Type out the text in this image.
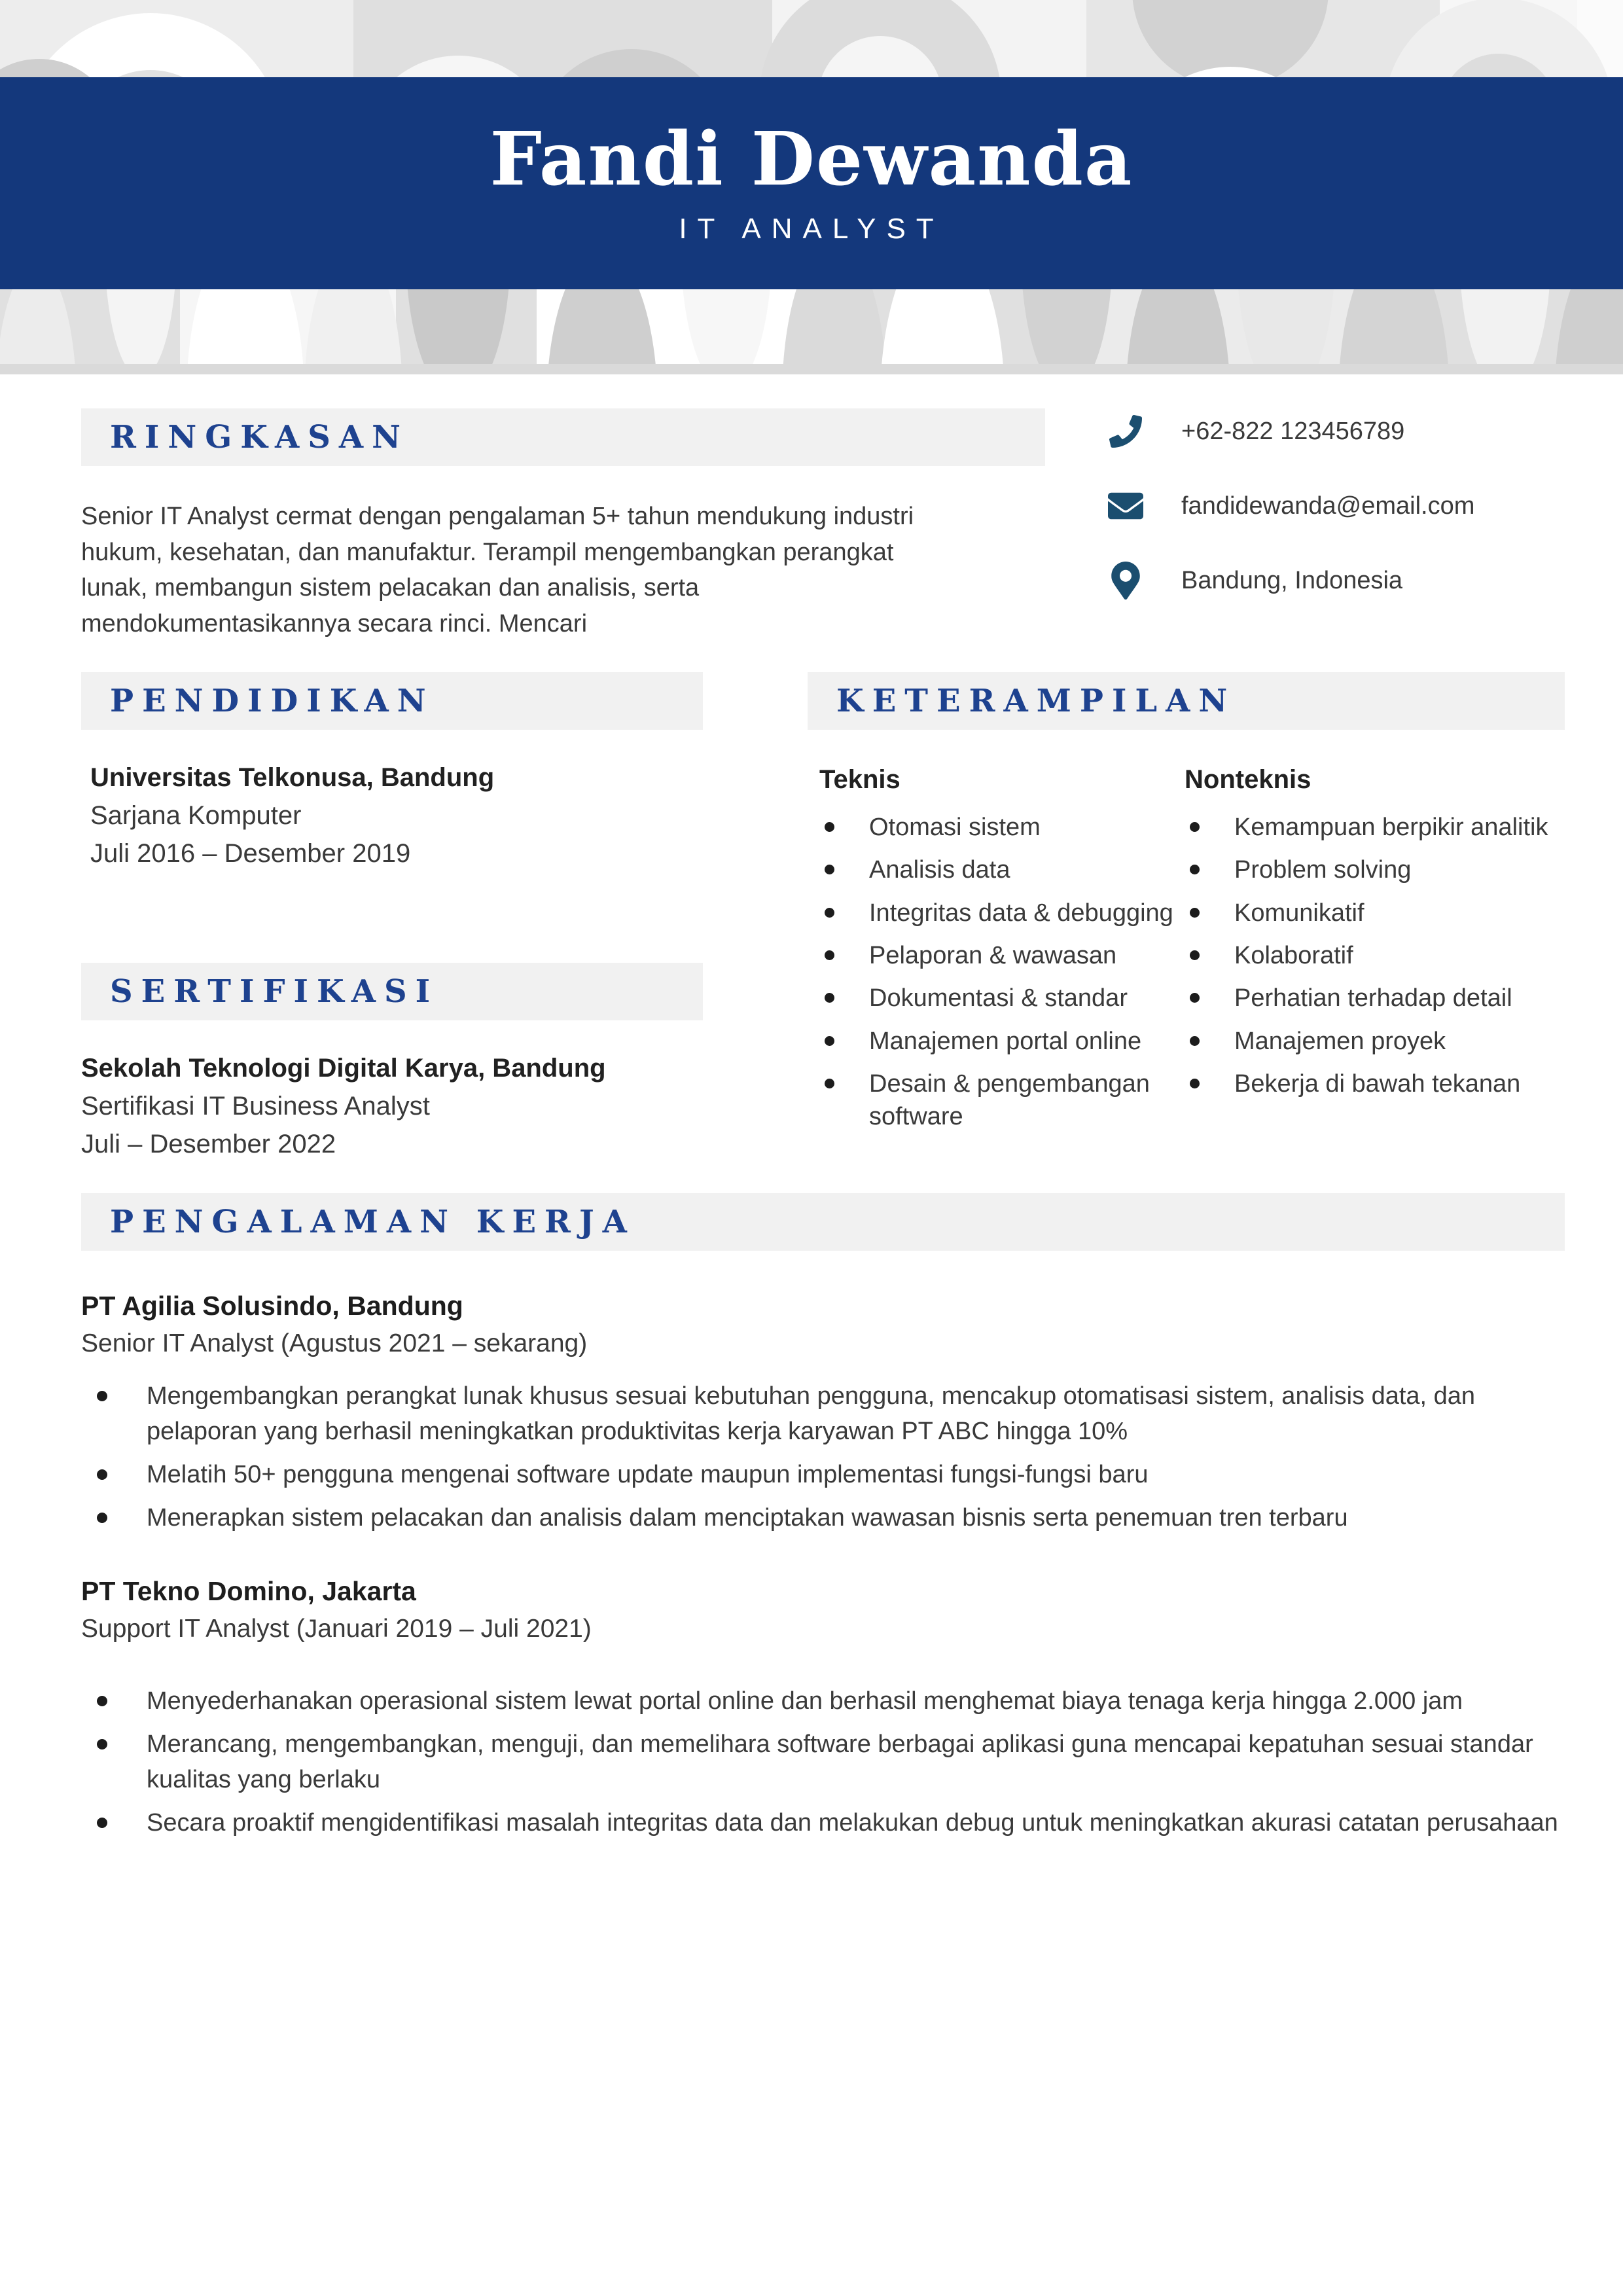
Fandi Dewanda
IT ANALYST
RINGKASAN
Senior IT Analyst cermat dengan pengalaman 5+ tahun mendukung industri hukum, kesehatan, dan manufaktur. Terampil mengembangkan perangkat lunak, membangun sistem pelacakan dan analisis, serta mendokumentasikannya secara rinci. Mencari
+62-822 123456789
fandidewanda@email.com
Bandung, Indonesia
PENDIDIKAN
Universitas Telkonusa, Bandung
Sarjana Komputer
Juli 2016 – Desember 2019
SERTIFIKASI
Sekolah Teknologi Digital Karya, Bandung
Sertifikasi IT Business Analyst
Juli – Desember 2022
KETERAMPILAN
Teknis
Otomasi sistem
Analisis data
Integritas data & debugging
Pelaporan & wawasan
Dokumentasi & standar
Manajemen portal online
Desain & pengembangan software
Nonteknis
Kemampuan berpikir analitik
Problem solving
Komunikatif
Kolaboratif
Perhatian terhadap detail
Manajemen proyek
Bekerja di bawah tekanan
PENGALAMAN KERJA
PT Agilia Solusindo, Bandung
Senior IT Analyst (Agustus 2021 – sekarang)
Mengembangkan perangkat lunak khusus sesuai kebutuhan pengguna, mencakup otomatisasi sistem, analisis data, dan pelaporan yang berhasil meningkatkan produktivitas kerja karyawan PT ABC hingga 10%
Melatih 50+ pengguna mengenai software update maupun implementasi fungsi-fungsi baru
Menerapkan sistem pelacakan dan analisis dalam menciptakan wawasan bisnis serta penemuan tren terbaru
PT Tekno Domino, Jakarta
Support IT Analyst (Januari 2019 – Juli 2021)
Menyederhanakan operasional sistem lewat portal online dan berhasil menghemat biaya tenaga kerja hingga 2.000 jam
Merancang, mengembangkan, menguji, dan memelihara software berbagai aplikasi guna mencapai kepatuhan sesuai standar kualitas yang berlaku
Secara proaktif mengidentifikasi masalah integritas data dan melakukan debug untuk meningkatkan akurasi catatan perusahaan
